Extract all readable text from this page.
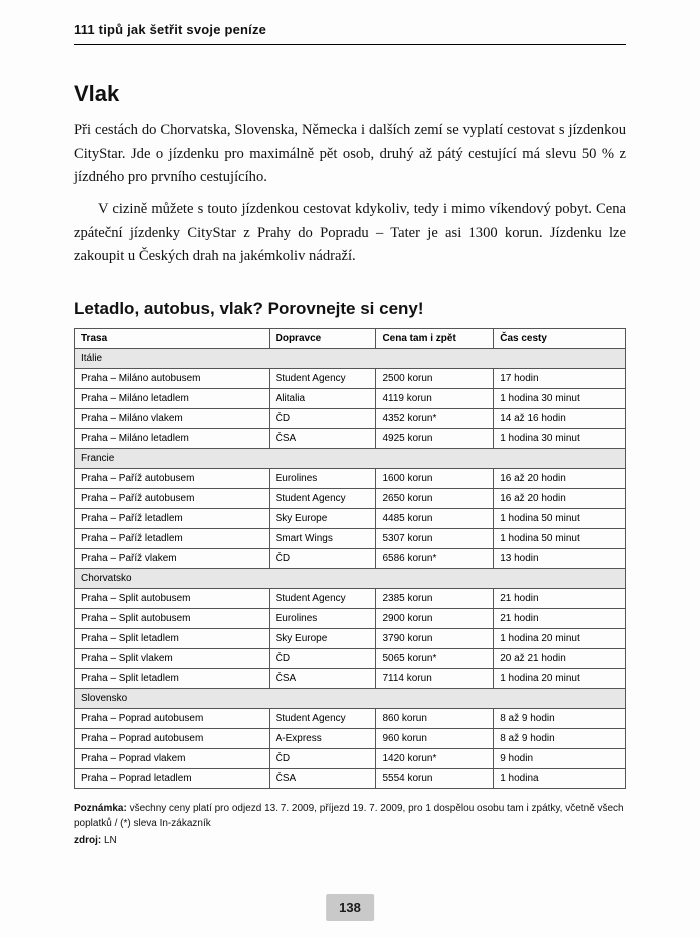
111 tipů jak šetřit svoje peníze
Vlak

Při cestách do Chorvatska, Slovenska, Německa i dalších zemí se vyplatí cestovat s jízdenkou CityStar. Jde o jízdenku pro maximálně pět osob, druhý až pátý cestující má slevu 50 % z jízdného pro prvního cestujícího.

V cizině můžete s touto jízdenkou cestovat kdykoliv, tedy i mimo víkendový pobyt. Cena zpáteční jízdenky CityStar z Prahy do Popradu – Tater je asi 1300 korun. Jízdenku lze zakoupit u Českých drah na jakémkoliv nádraží.

Letadlo, autobus, vlak? Porovnejte si ceny!
Trasa	Dopravce	Cena tam i zpět	Čas cesty
Itálie			
Praha – Miláno autobusem	Student Agency	2500 korun	17 hodin
Praha – Miláno letadlem	Alitalia	4119 korun	1 hodina 30 minut
Praha – Miláno vlakem	ČD	4352 korun*	14 až 16 hodin
Praha – Miláno letadlem	ČSA	4925 korun	1 hodina 30 minut
Francie			
Praha – Paříž autobusem	Eurolines	1600 korun	16 až 20 hodin
Praha – Paříž autobusem	Student Agency	2650 korun	16 až 20 hodin
Praha – Paříž letadlem	Sky Europe	4485 korun	1 hodina 50 minut
Praha – Paříž letadlem	Smart Wings	5307 korun	1 hodina 50 minut
Praha – Paříž vlakem	ČD	6586 korun*	13 hodin
Chorvatsko			
Praha – Split autobusem	Student Agency	2385 korun	21 hodin
Praha – Split autobusem	Eurolines	2900 korun	21 hodin
Praha – Split letadlem	Sky Europe	3790 korun	1 hodina 20 minut
Praha – Split vlakem	ČD	5065 korun*	20 až 21 hodin
Praha – Split letadlem	ČSA	7114 korun	1 hodina 20 minut
Slovensko			
Praha – Poprad autobusem	Student Agency	860 korun	8 až 9 hodin
Praha – Poprad autobusem	A-Express	960 korun	8 až 9 hodin
Praha – Poprad vlakem	ČD	1420 korun*	9 hodin
Praha – Poprad letadlem	ČSA	5554 korun	1 hodina
Poznámka: všechny ceny platí pro odjezd 13. 7. 2009, příjezd 19. 7. 2009, pro 1 dospělou osobu tam i zpátky, včetně všech poplatků / (*) sleva In-zákazník
zdroj: LN
138
